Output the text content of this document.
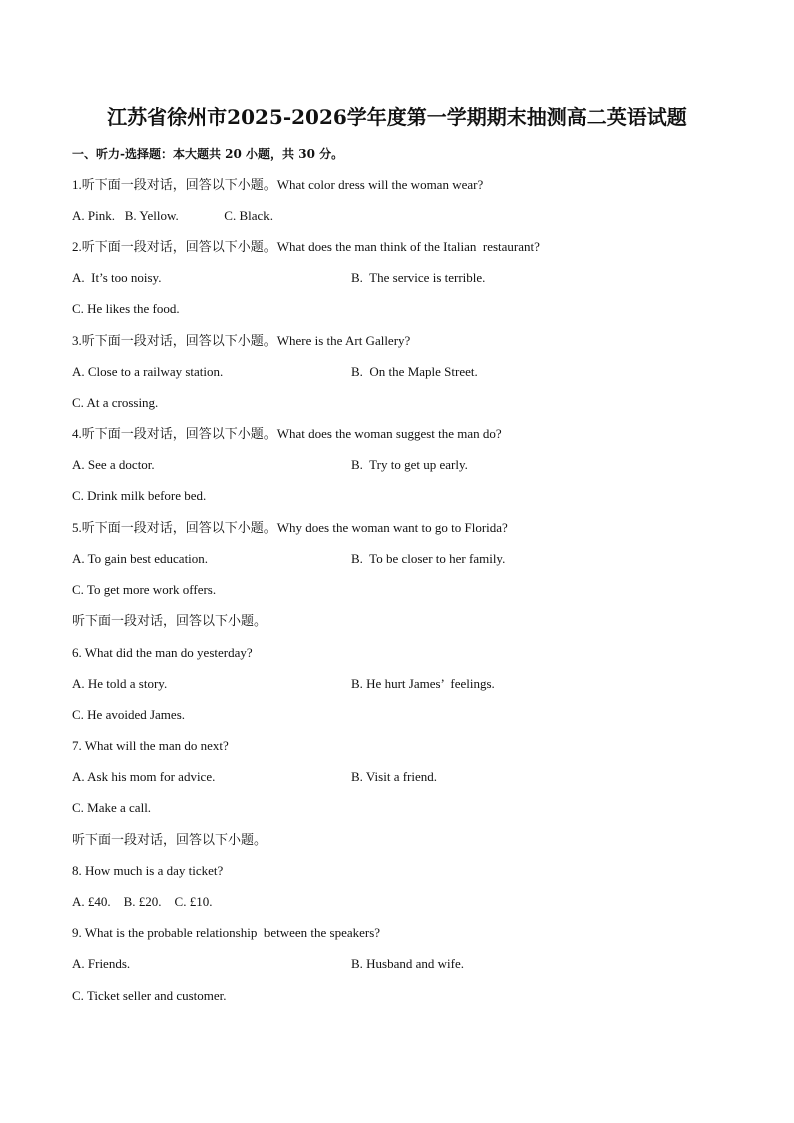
江苏省徐州市2025-2026学年度第一学期期末抽测高二英语试题
一、听力-选择题：本大题共 20 小题，共 30 分。
1.听下面一段对话，回答以下小题。What color dress will the woman wear?
A. Pink.   B. Yellow.              C. Black.
2.听下面一段对话，回答以下小题。What does the man think of the Italian  restaurant?
A.  It’s too noisy.	B.  The service is terrible.
C. He likes the food.
3.听下面一段对话，回答以下小题。Where is the Art Gallery?
A. Close to a railway station.	B.  On the Maple Street.
C. At a crossing.
4.听下面一段对话，回答以下小题。What does the woman suggest the man do?
A. See a doctor.	B.  Try to get up early.
C. Drink milk before bed.
5.听下面一段对话，回答以下小题。Why does the woman want to go to Florida?
A. To gain best education.	B.  To be closer to her family.
C. To get more work offers.
听下面一段对话，回答以下小题。
6. What did the man do yesterday?
A. He told a story.	B. He hurt James’  feelings.
C. He avoided James.
7. What will the man do next?
A. Ask his mom for advice.	B. Visit a friend.
C. Make a call.
听下面一段对话，回答以下小题。
8. How much is a day ticket?
A. £40.    B. £20.    C. £10.
9. What is the probable relationship  between the speakers?
A. Friends.	B. Husband and wife.
C. Ticket seller and customer.
